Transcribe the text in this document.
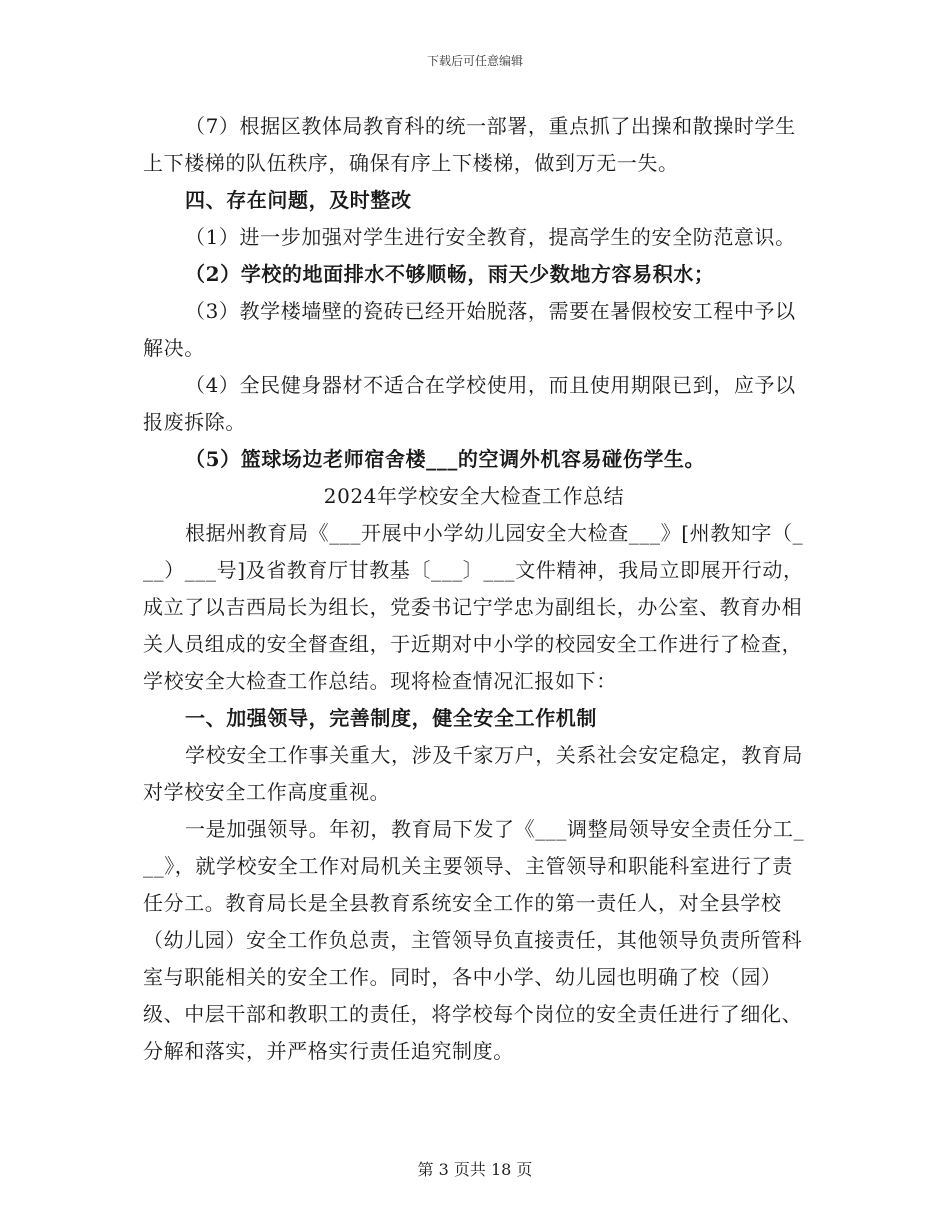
下载后可任意编辑

（7）根据区教体局教育科的统一部署，重点抓了出操和散操时学生上下楼梯的队伍秩序，确保有序上下楼梯，做到万无一失。

四、存在问题，及时整改

（1）进一步加强对学生进行安全教育，提高学生的安全防范意识。

（2）学校的地面排水不够顺畅，雨天少数地方容易积水；

（3）教学楼墙壁的瓷砖已经开始脱落，需要在暑假校安工程中予以解决。

（4）全民健身器材不适合在学校使用，而且使用期限已到，应予以报废拆除。

（5）篮球场边老师宿舍楼___的空调外机容易碰伤学生。

2024年学校安全大检查工作总结

根据州教育局《___开展中小学幼儿园安全大检查___》[州教知字（___）___号]及省教育厅甘教基〔___〕___文件精神，我局立即展开行动，成立了以吉西局长为组长，党委书记宁学忠为副组长，办公室、教育办相关人员组成的安全督查组，于近期对中小学的校园安全工作进行了检查，学校安全大检查工作总结。现将检查情况汇报如下：

一、加强领导，完善制度，健全安全工作机制

学校安全工作事关重大，涉及千家万户，关系社会安定稳定，教育局对学校安全工作高度重视。

一是加强领导。年初，教育局下发了《___调整局领导安全责任分工___》，就学校安全工作对局机关主要领导、主管领导和职能科室进行了责任分工。教育局长是全县教育系统安全工作的第一责任人，对全县学校（幼儿园）安全工作负总责，主管领导负直接责任，其他领导负责所管科室与职能相关的安全工作。同时，各中小学、幼儿园也明确了校（园）级、中层干部和教职工的责任，将学校每个岗位的安全责任进行了细化、分解和落实，并严格实行责任追究制度。

第 3 页共 18 页
